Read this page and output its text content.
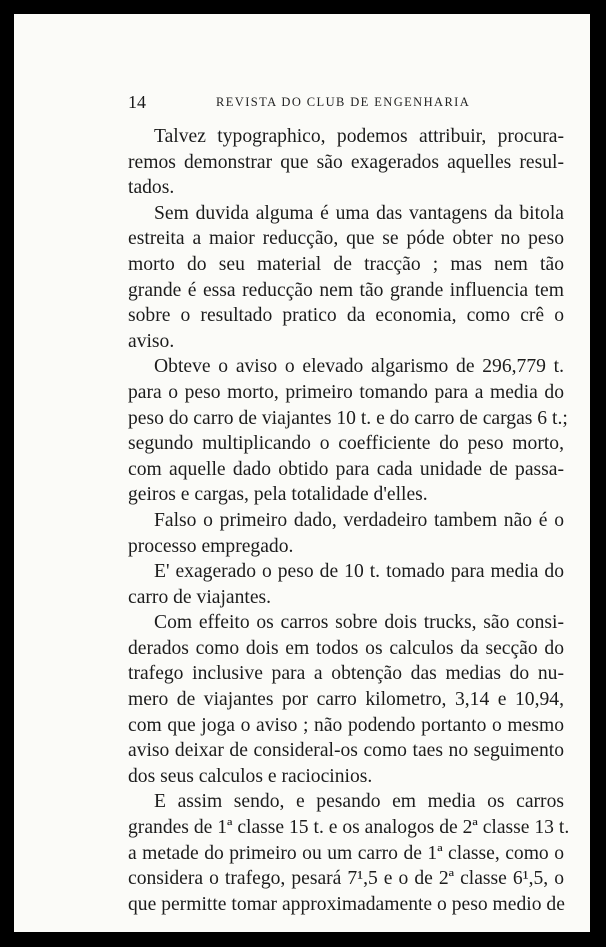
14	REVISTA DO CLUB DE ENGENHARIA
Talvez typographico, podemos attribuir, procura-
remos demonstrar que são exagerados aquelles resul-
tados.
Sem duvida alguma é uma das vantagens da bitola
estreita a maior reducção, que se póde obter no peso
morto do seu material de tracção ; mas nem tão
grande é essa reducção nem tão grande influencia tem
sobre o resultado pratico da economia, como crê o
aviso.
Obteve o aviso o elevado algarismo de 296,779 t.
para o peso morto, primeiro tomando para a media do
peso do carro de viajantes 10 t. e do carro de cargas 6 t.;
segundo multiplicando o coefficiente do peso morto,
com aquelle dado obtido para cada unidade de passa-
geiros e cargas, pela totalidade d'elles.
Falso o primeiro dado, verdadeiro tambem não é o
processo empregado.
E' exagerado o peso de 10 t. tomado para media do
carro de viajantes.
Com effeito os carros sobre dois trucks, são consi-
derados como dois em todos os calculos da secção do
trafego inclusive para a obtenção das medias do nu-
mero de viajantes por carro kilometro, 3,14 e 10,94,
com que joga o aviso ; não podendo portanto o mesmo
aviso deixar de consideral-os como taes no seguimento
dos seus calculos e raciocinios.
E assim sendo, e pesando em media os carros
grandes de 1ª classe 15 t. e os analogos de 2ª classe 13 t.
a metade do primeiro ou um carro de 1ª classe, como o
considera o trafego, pesará 7¹,5 e o de 2ª classe 6¹,5, o
que permitte tomar approximadamente o peso medio de
